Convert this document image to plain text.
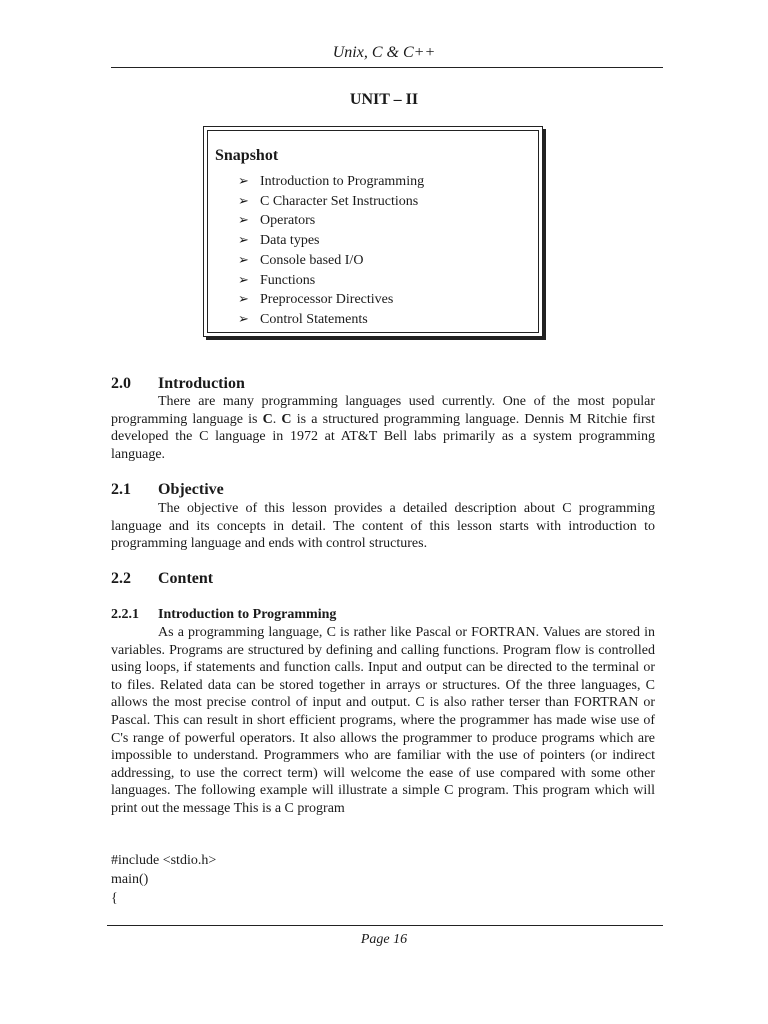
Unix, C & C++
UNIT – II
Snapshot
➢ Introduction to Programming
➢ C Character Set Instructions
➢ Operators
➢ Data types
➢ Console based I/O
➢ Functions
➢ Preprocessor Directives
➢ Control Statements
2.0 Introduction

There are many programming languages used currently. One of the most popular programming language is C. C is a structured programming language. Dennis M Ritchie first developed the C language in 1972 at AT&T Bell labs primarily as a system programming language.

2.1 Objective

The objective of this lesson provides a detailed description about C programming language and its concepts in detail. The content of this lesson starts with introduction to programming language and ends with control structures.

2.2 Content
2.2.1 Introduction to Programming

As a programming language, C is rather like Pascal or FORTRAN. Values are stored in variables. Programs are structured by defining and calling functions. Program flow is controlled using loops, if statements and function calls. Input and output can be directed to the terminal or to files. Related data can be stored together in arrays or structures. Of the three languages, C allows the most precise control of input and output. C is also rather terser than FORTRAN or Pascal. This can result in short efficient programs, where the programmer has made wise use of C's range of powerful operators. It also allows the programmer to produce programs which are impossible to understand. Programmers who are familiar with the use of pointers (or indirect addressing, to use the correct term) will welcome the ease of use compared with some other languages. The following example will illustrate a simple C program. This program which will print out the message This is a C program

#include <stdio.h>
main()
{
Page 16
